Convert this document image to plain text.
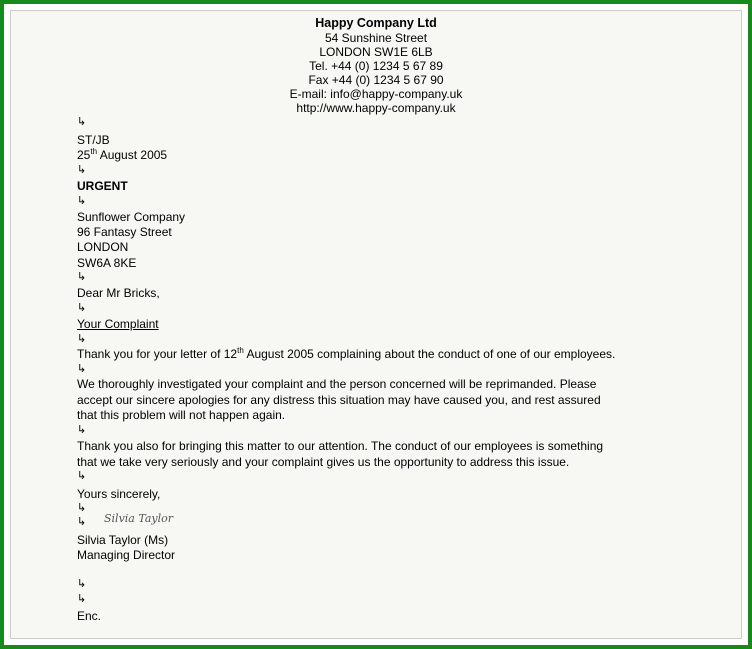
Happy Company Ltd
54 Sunshine Street
LONDON SW1E 6LB
Tel. +44 (0) 1234 5 67 89
Fax +44 (0) 1234 5 67 90
E-mail: info@happy-company.uk
http://www.happy-company.uk
↳
ST/JB
25th August 2005
↳
URGENT
↳
Sunflower Company
96 Fantasy Street
LONDON
SW6A 8KE
↳
Dear Mr Bricks,
↳
Your Complaint
↳
Thank you for your letter of 12th August 2005 complaining about the conduct of one of our employees.
↳
We thoroughly investigated your complaint and the person concerned will be reprimanded. Please
accept our sincere apologies for any distress this situation may have caused you, and rest assured
that this problem will not happen again.
↳
Thank you also for bringing this matter to our attention. The conduct of our employees is something
that we take very seriously and your complaint gives us the opportunity to address this issue.
↳
Yours sincerely,
↳
↳ Silvia Taylor
Silvia Taylor (Ms)
Managing Director
↳
↳
Enc.
